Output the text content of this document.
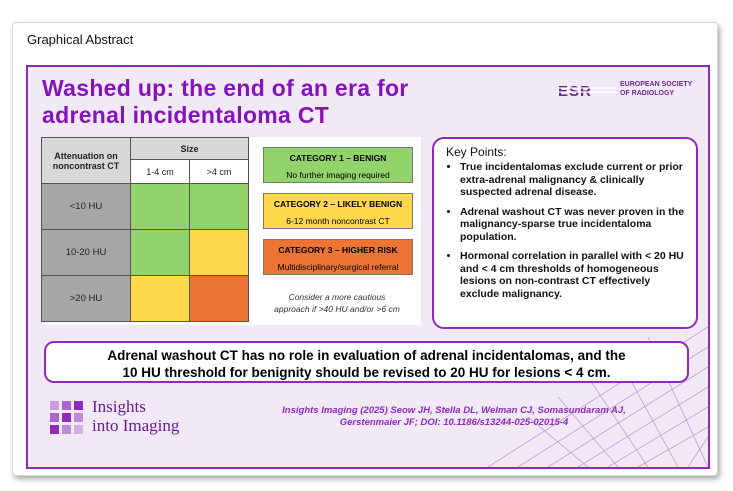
Graphical Abstract
Washed up: the end of an era for
adrenal incidentaloma CT
ESR	EUROPEAN SOCIETY
OF RADIOLOGY
Attenuation on noncontrast CT	Size	
	1-4 cm	>4 cm
<10 HU		
10-20 HU		
>20 HU		
CATEGORY 1 – BENIGN
No further imaging required
CATEGORY 2 – LIKELY BENIGN
6-12 month noncontrast CT
CATEGORY 3 – HIGHER RISK
Multidisciplinary/surgical referral
Consider a more cautious
approach if >40 HU and/or >6 cm
Key Points:
• True incidentalomas exclude current or prior extra-adrenal malignancy & clinically suspected adrenal disease.
• Adrenal washout CT was never proven in the malignancy-sparse true incidentaloma population.
• Hormonal correlation in parallel with < 20 HU and < 4 cm thresholds of homogeneous lesions on non-contrast CT effectively exclude malignancy.
Adrenal washout CT has no role in evaluation of adrenal incidentalomas, and the
10 HU threshold for benignity should be revised to 20 HU for lesions < 4 cm.
Insights
into Imaging
Insights Imaging (2025) Seow JH, Stella DL, Welman CJ, Somasundaram AJ,
Gerstenmaier JF; DOI: 10.1186/s13244-025-02015-4
